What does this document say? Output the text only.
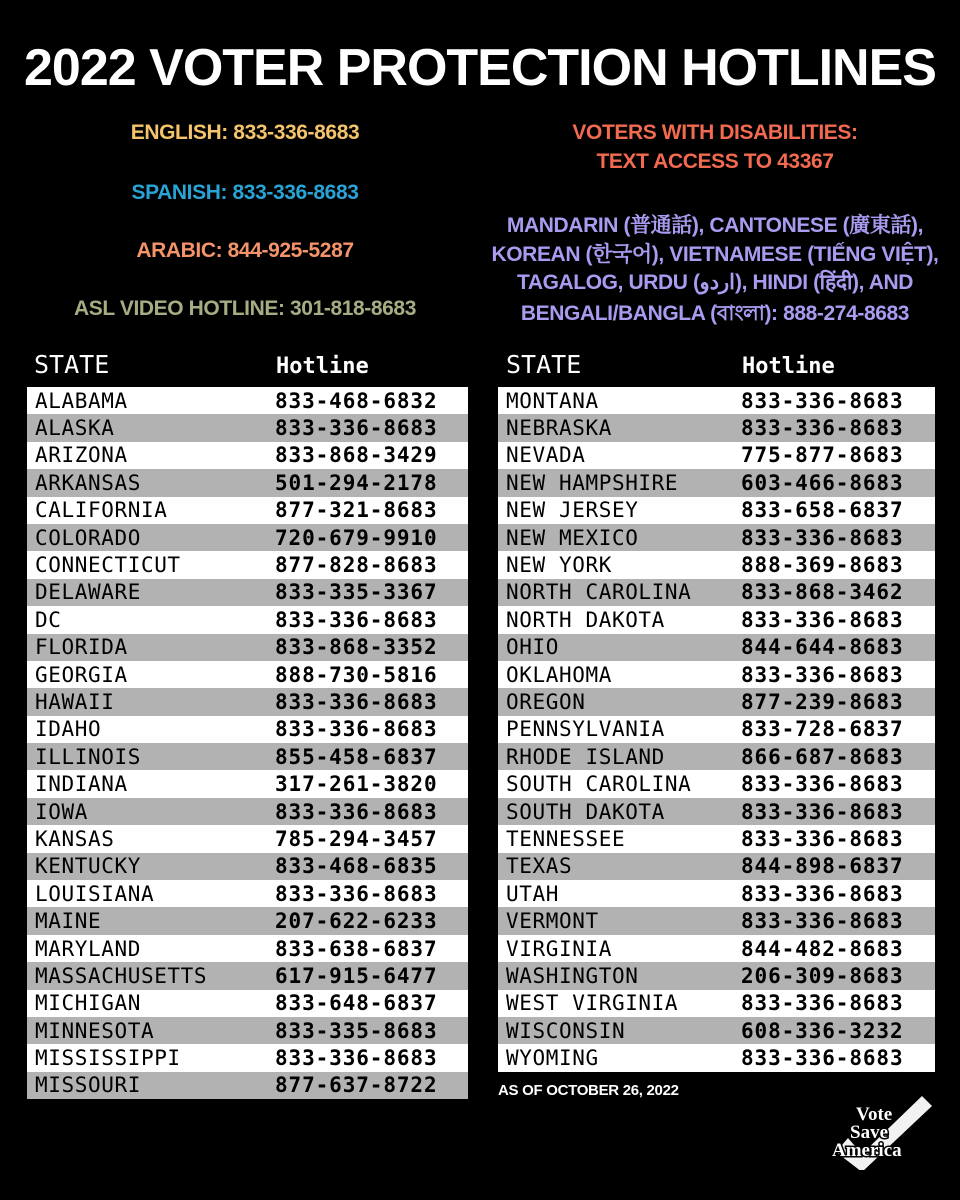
2022 VOTER PROTECTION HOTLINES
ENGLISH: 833-336-8683
SPANISH: 833-336-8683
ARABIC: 844-925-5287
ASL VIDEO HOTLINE: 301-818-8683
VOTERS WITH DISABILITIES:
TEXT ACCESS TO 43367
MANDARIN (普通話), CANTONESE (廣東話),
KOREAN (한국어), VIETNAMESE (TIẾNG VIỆT),
TAGALOG, URDU (اردو), HINDI (हिंदी), AND
BENGALI/BANGLA (বাংলা): 888-274-8683
STATE	Hotline	STATE	Hotline
ALABAMA	833-468-6832
ALASKA	833-336-8683
ARIZONA	833-868-3429
ARKANSAS	501-294-2178
CALIFORNIA	877-321-8683
COLORADO	720-679-9910
CONNECTICUT	877-828-8683
DELAWARE	833-335-3367
DC	833-336-8683
FLORIDA	833-868-3352
GEORGIA	888-730-5816
HAWAII	833-336-8683
IDAHO	833-336-8683
ILLINOIS	855-458-6837
INDIANA	317-261-3820
IOWA	833-336-8683
KANSAS	785-294-3457
KENTUCKY	833-468-6835
LOUISIANA	833-336-8683
MAINE	207-622-6233
MARYLAND	833-638-6837
MASSACHUSETTS	617-915-6477
MICHIGAN	833-648-6837
MINNESOTA	833-335-8683
MISSISSIPPI	833-336-8683
MISSOURI	877-637-8722
MONTANA	833-336-8683
NEBRASKA	833-336-8683
NEVADA	775-877-8683
NEW HAMPSHIRE	603-466-8683
NEW JERSEY	833-658-6837
NEW MEXICO	833-336-8683
NEW YORK	888-369-8683
NORTH CAROLINA 833-868-3462
NORTH DAKOTA	833-336-8683
OHIO	844-644-8683
OKLAHOMA	833-336-8683
OREGON	877-239-8683
PENNSYLVANIA	833-728-6837
RHODE ISLAND	866-687-8683
SOUTH CAROLINA 833-336-8683
SOUTH DAKOTA	833-336-8683
TENNESSEE	833-336-8683
TEXAS	844-898-6837
UTAH	833-336-8683
VERMONT	833-336-8683
VIRGINIA	844-482-8683
WASHINGTON	206-309-8683
WEST VIRGINIA	833-336-8683
WISCONSIN	608-336-3232
WYOMING	833-336-8683
AS OF OCTOBER 26, 2022
Vote
Save
America
